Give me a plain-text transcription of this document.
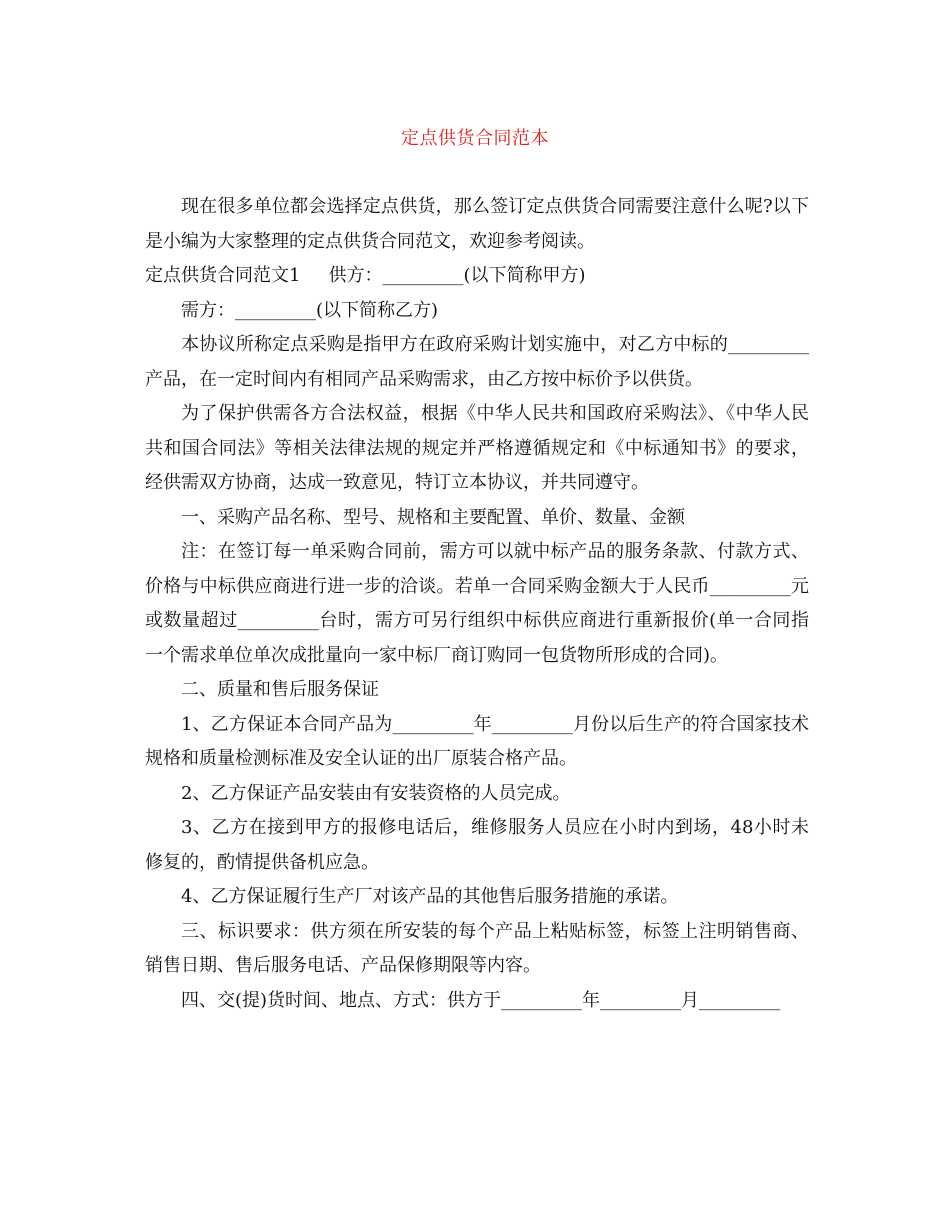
定点供货合同范本

现在很多单位都会选择定点供货，那么签订定点供货合同需要注意什么呢?以下是小编为大家整理的定点供货合同范文，欢迎参考阅读。

定点供货合同范文1 供方：_________(以下简称甲方)

需方：_________(以下简称乙方)

本协议所称定点采购是指甲方在政府采购计划实施中，对乙方中标的_________产品，在一定时间内有相同产品采购需求，由乙方按中标价予以供货。

为了保护供需各方合法权益，根据《中华人民共和国政府采购法》、《中华人民共和国合同法》等相关法律法规的规定并严格遵循规定和《中标通知书》的要求，经供需双方协商，达成一致意见，特订立本协议，并共同遵守。

一、采购产品名称、型号、规格和主要配置、单价、数量、金额

注：在签订每一单采购合同前，需方可以就中标产品的服务条款、付款方式、价格与中标供应商进行进一步的洽谈。若单一合同采购金额大于人民币_________元或数量超过_________台时，需方可另行组织中标供应商进行重新报价(单一合同指一个需求单位单次成批量向一家中标厂商订购同一包货物所形成的合同)。

二、质量和售后服务保证

1、乙方保证本合同产品为_________年_________月份以后生产的符合国家技术规格和质量检测标准及安全认证的出厂原装合格产品。

2、乙方保证产品安装由有安装资格的人员完成。

3、乙方在接到甲方的报修电话后，维修服务人员应在小时内到场，48小时未修复的，酌情提供备机应急。

4、乙方保证履行生产厂对该产品的其他售后服务措施的承诺。

三、标识要求：供方须在所安装的每个产品上粘贴标签，标签上注明销售商、销售日期、售后服务电话、产品保修期限等内容。

四、交(提)货时间、地点、方式：供方于_________年_________月_________
